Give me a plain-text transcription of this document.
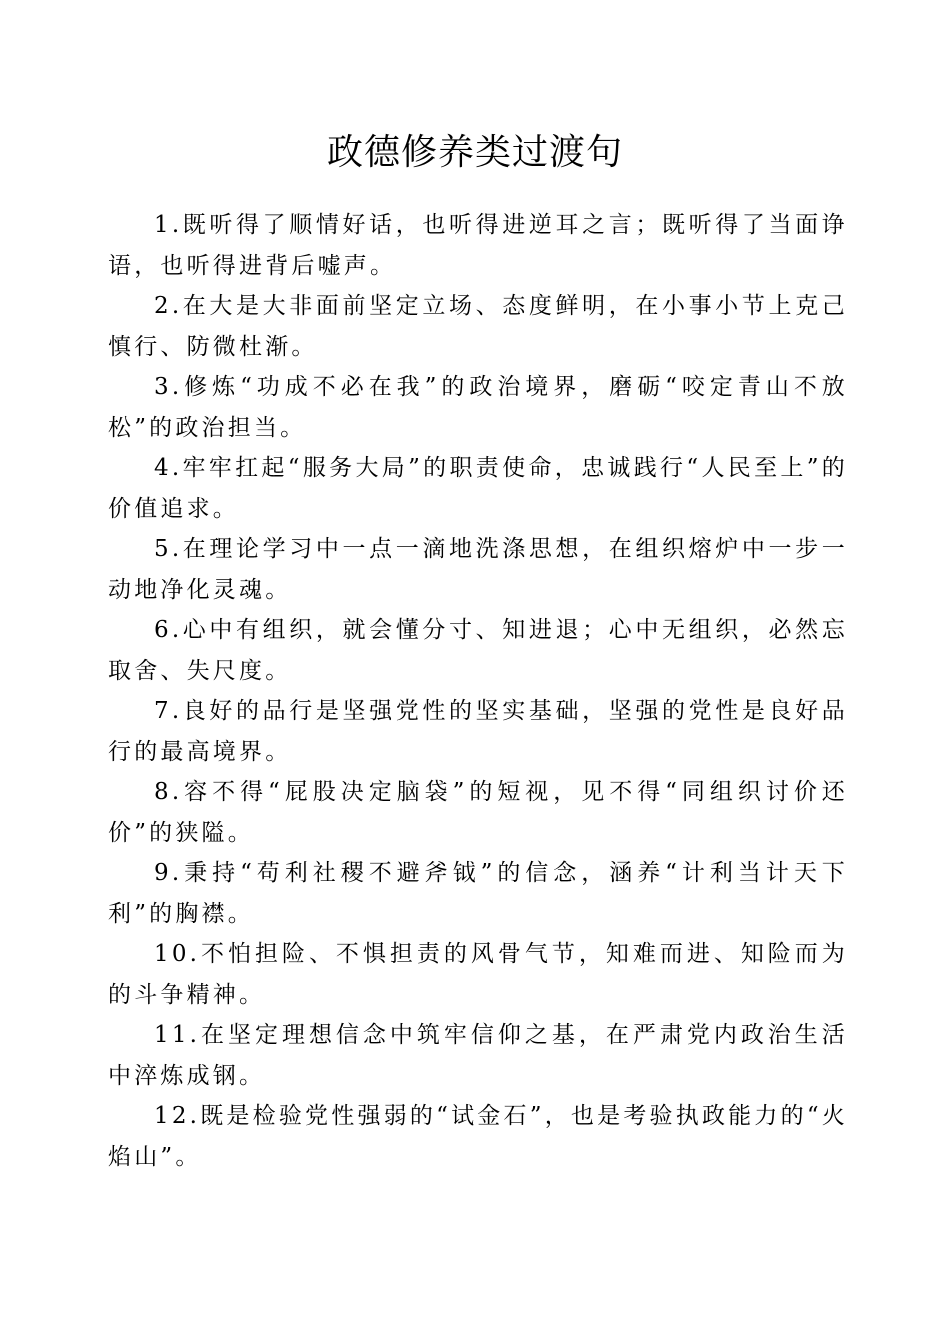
政德修养类过渡句

1.既听得了顺情好话，也听得进逆耳之言；既听得了当面诤语，也听得进背后嘘声。

2.在大是大非面前坚定立场、态度鲜明，在小事小节上克己慎行、防微杜渐。

3.修炼“功成不必在我”的政治境界，磨砺“咬定青山不放松”的政治担当。

4.牢牢扛起“服务大局”的职责使命，忠诚践行“人民至上”的价值追求。

5.在理论学习中一点一滴地洗涤思想，在组织熔炉中一步一动地净化灵魂。

6.心中有组织，就会懂分寸、知进退；心中无组织，必然忘取舍、失尺度。

7.良好的品行是坚强党性的坚实基础，坚强的党性是良好品行的最高境界。

8.容不得“屁股决定脑袋”的短视，见不得“同组织讨价还价”的狭隘。

9.秉持“苟利社稷不避斧钺”的信念，涵养“计利当计天下利”的胸襟。

10.不怕担险、不惧担责的风骨气节，知难而进、知险而为的斗争精神。

11.在坚定理想信念中筑牢信仰之基，在严肃党内政治生活中淬炼成钢。

12.既是检验党性强弱的“试金石”，也是考验执政能力的“火焰山”。
